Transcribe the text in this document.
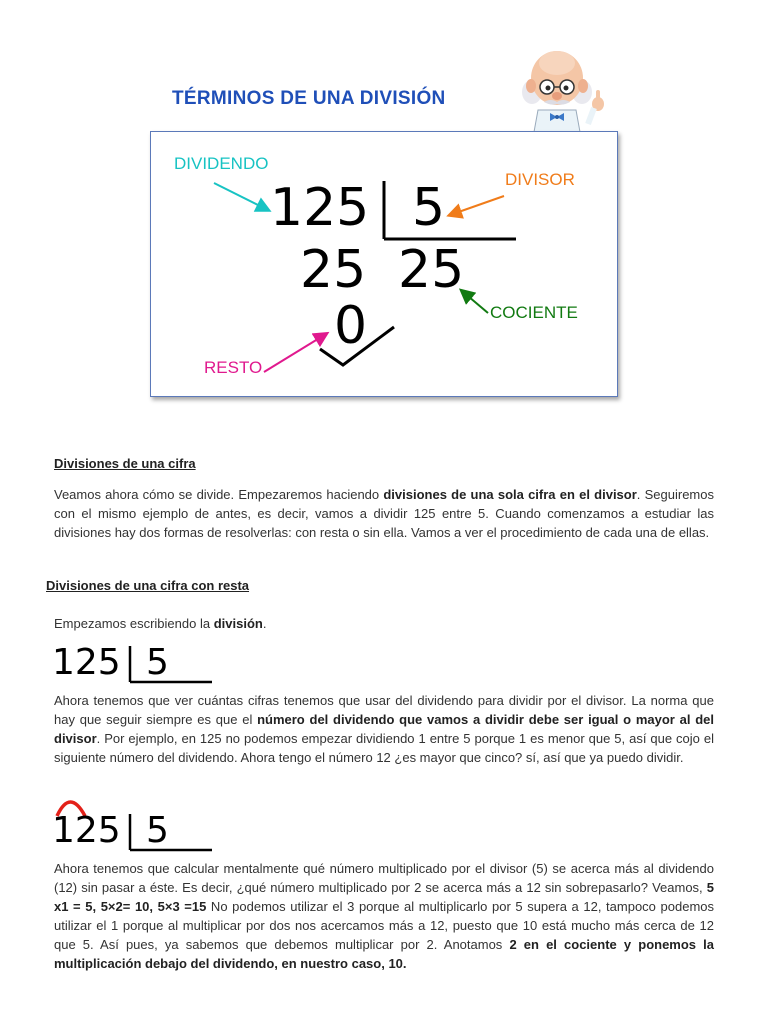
TÉRMINOS DE UNA DIVISIÓN
DIVIDENDO
DIVISOR
COCIENTE
RESTO
125 5
25 25
0
Divisiones de una cifra
Veamos ahora cómo se divide. Empezaremos haciendo divisiones de una sola cifra en el divisor. Seguiremos con el mismo ejemplo de antes, es decir, vamos a dividir 125 entre 5. Cuando comenzamos a estudiar las divisiones hay dos formas de resolverlas: con resta o sin ella. Vamos a ver el procedimiento de cada una de ellas.
Divisiones de una cifra con resta
Empezamos escribiendo la división.
125 5
Ahora tenemos que ver cuántas cifras tenemos que usar del dividendo para dividir por el divisor. La norma que hay que seguir siempre es que el número del dividendo que vamos a dividir debe ser igual o mayor al del divisor. Por ejemplo, en 125 no podemos empezar dividiendo 1 entre 5 porque 1 es menor que 5, así que cojo el siguiente número del dividendo. Ahora tengo el número 12 ¿es mayor que cinco? sí, así que ya puedo dividir.
125 5
Ahora tenemos que calcular mentalmente qué número multiplicado por el divisor (5) se acerca más al dividendo (12) sin pasar a éste. Es decir, ¿qué número multiplicado por 2 se acerca más a 12 sin sobrepasarlo? Veamos, 5 x1 = 5, 5×2= 10, 5×3 =15 No podemos utilizar el 3 porque al multiplicarlo por 5 supera a 12, tampoco podemos utilizar el 1 porque al multiplicar por dos nos acercamos más a 12, puesto que 10 está mucho más cerca de 12 que 5. Así pues, ya sabemos que debemos multiplicar por 2. Anotamos 2 en el cociente y ponemos la multiplicación debajo del dividendo, en nuestro caso, 10.
